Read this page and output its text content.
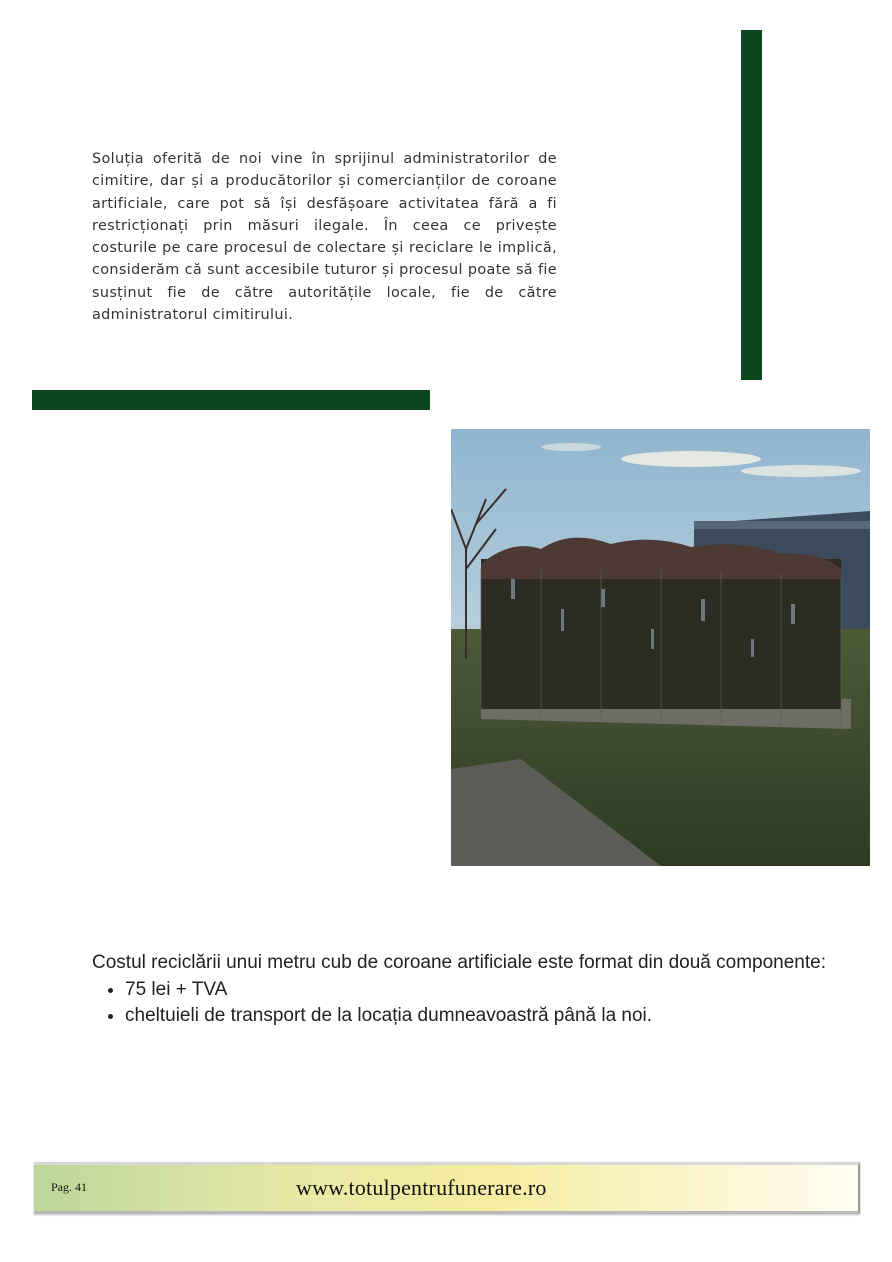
Soluția oferită de noi vine în sprijinul administratorilor de cimitire, dar și a producătorilor și comercianților de coroane artificiale, care pot să își desfășoare activitatea fără a fi restricționați prin măsuri ilegale. În ceea ce privește costurile pe care procesul de colectare și reciclare le implică, considerăm că sunt accesibile tuturor și procesul poate să fie susținut fie de către autoritățile locale, fie de către administratorul cimitirului.

Costul reciclării unui metru cub de coroane artificiale este format din două componente:

• 75 lei + TVA
• cheltuieli de transport de la locația dumneavoastră până la noi.
Pag. 41	www.totulpentrufunerare.ro
